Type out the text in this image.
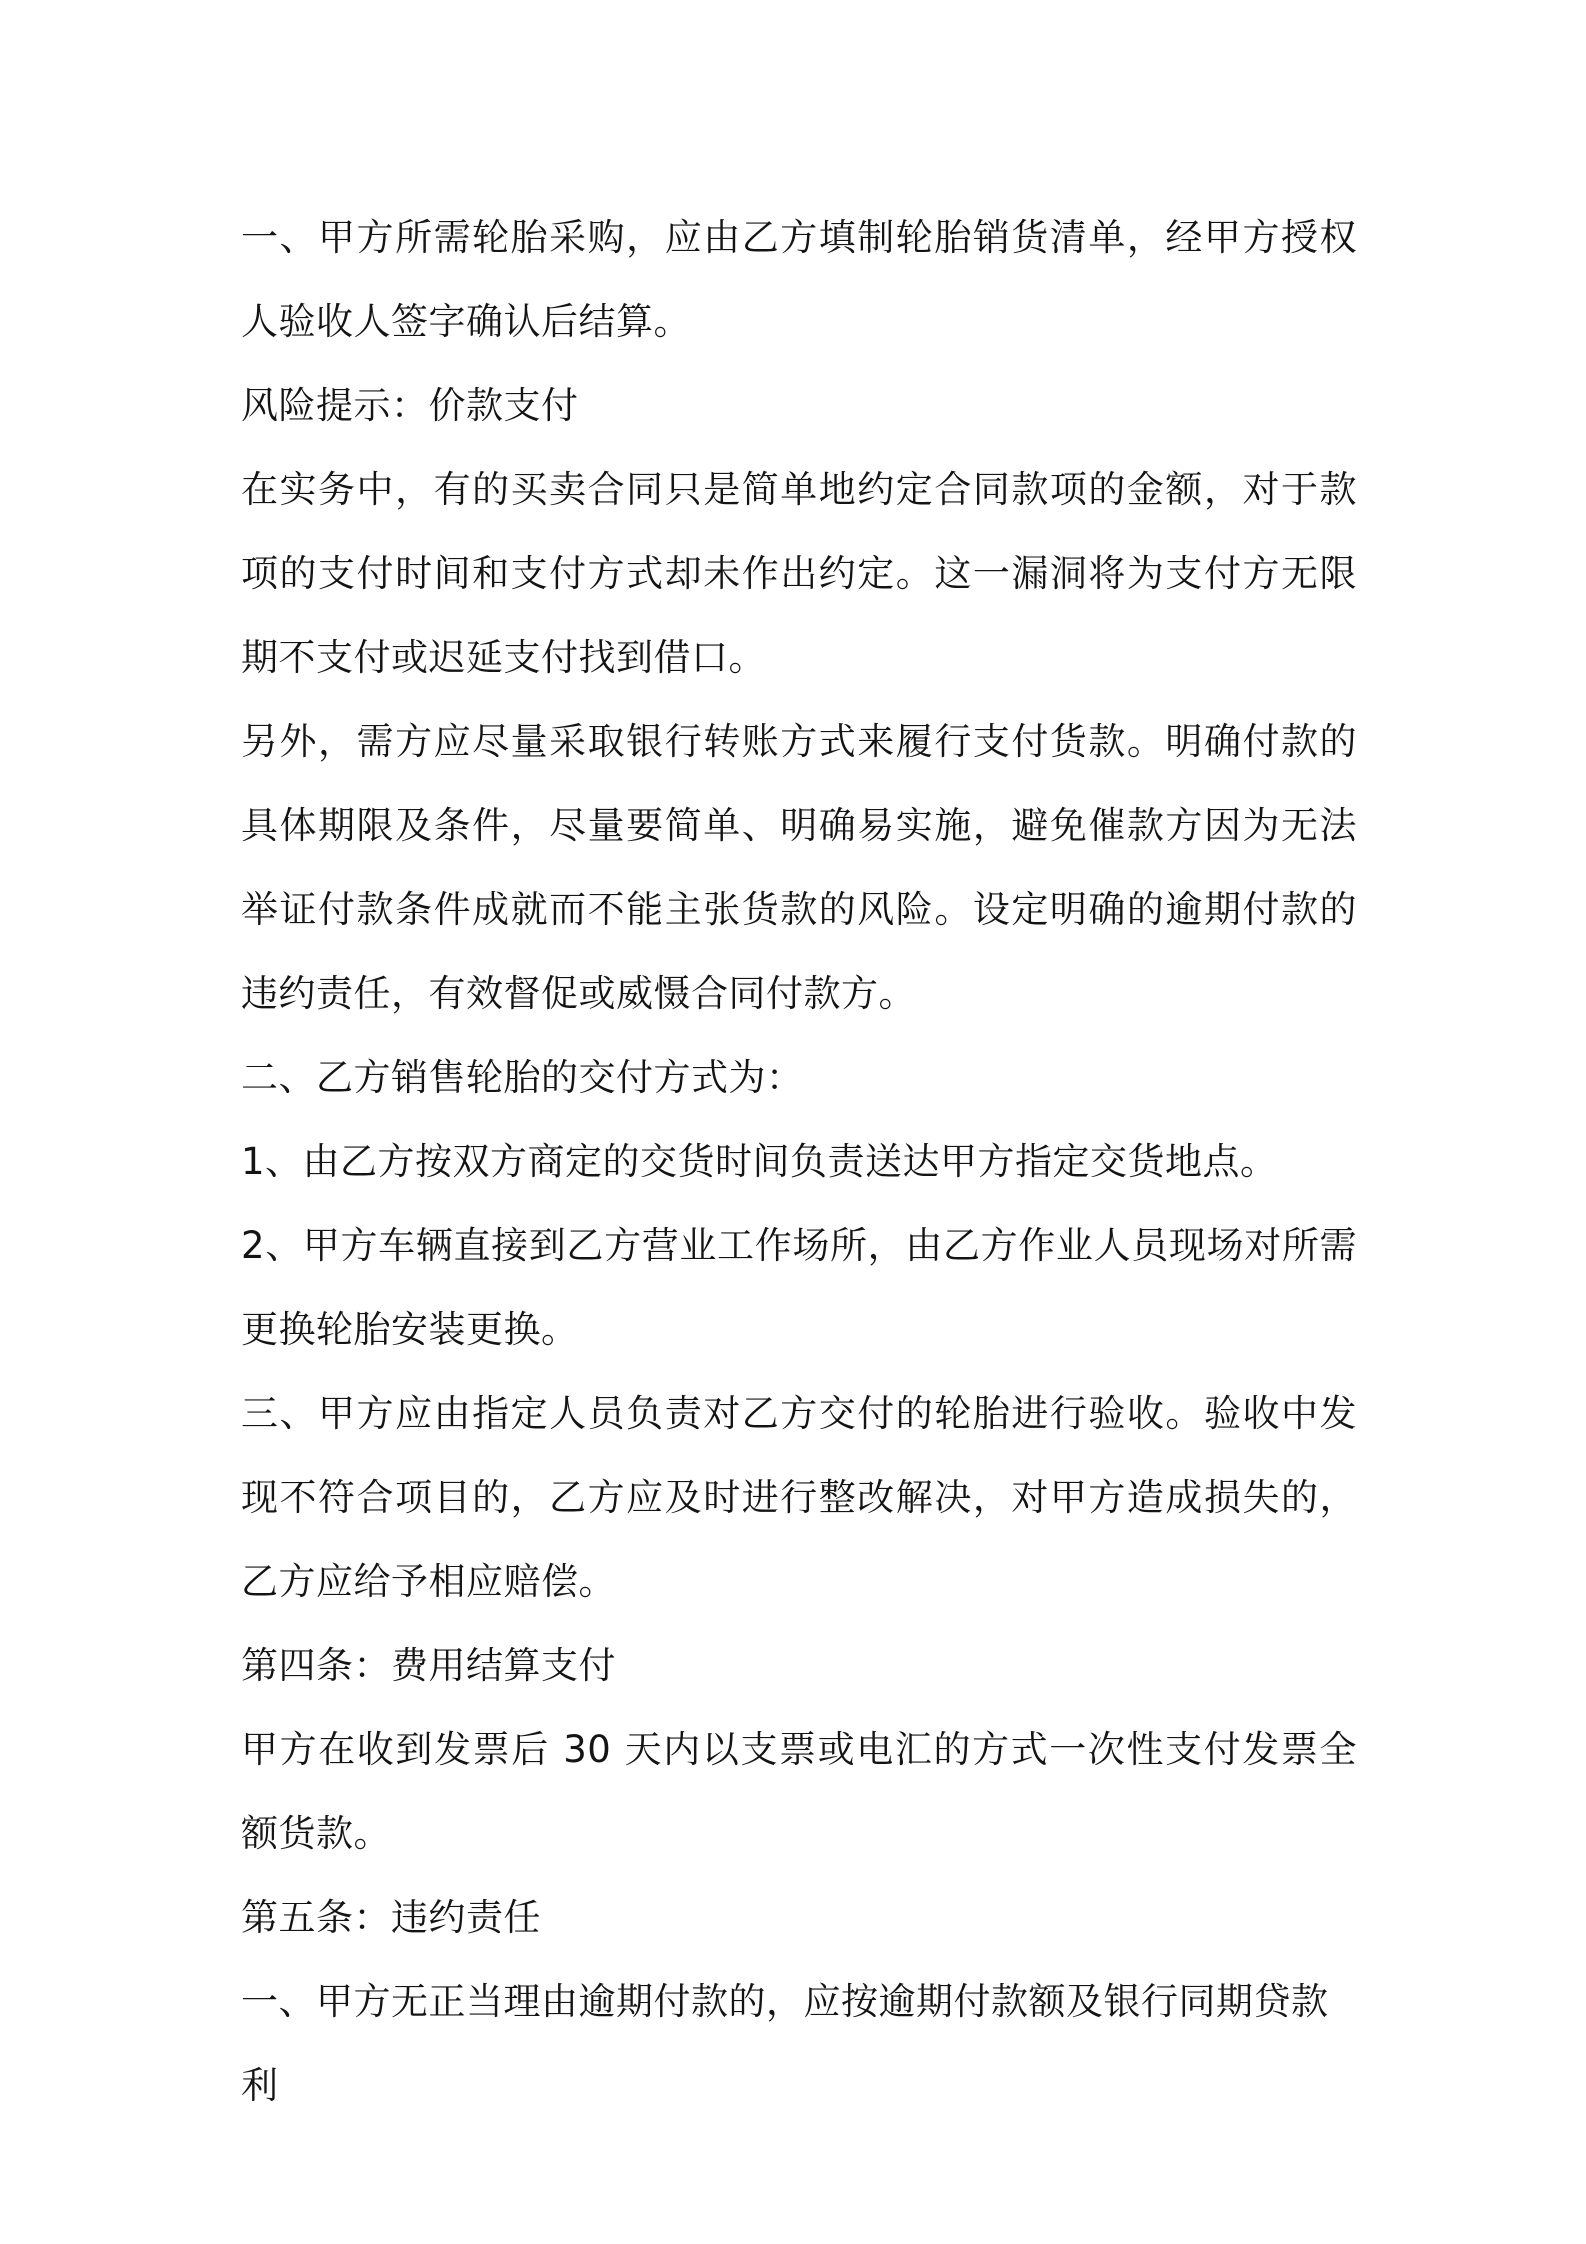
一、甲方所需轮胎采购，应由乙方填制轮胎销货清单，经甲方授权人验收人签字确认后结算。

风险提示：价款支付

在实务中，有的买卖合同只是简单地约定合同款项的金额，对于款项的支付时间和支付方式却未作出约定。这一漏洞将为支付方无限期不支付或迟延支付找到借口。

另外，需方应尽量采取银行转账方式来履行支付货款。明确付款的具体期限及条件，尽量要简单、明确易实施，避免催款方因为无法举证付款条件成就而不能主张货款的风险。设定明确的逾期付款的违约责任，有效督促或威慑合同付款方。

二、乙方销售轮胎的交付方式为：

1、由乙方按双方商定的交货时间负责送达甲方指定交货地点。

2、甲方车辆直接到乙方营业工作场所，由乙方作业人员现场对所需更换轮胎安装更换。

三、甲方应由指定人员负责对乙方交付的轮胎进行验收。验收中发现不符合项目的，乙方应及时进行整改解决，对甲方造成损失的，乙方应给予相应赔偿。

第四条：费用结算支付

甲方在收到发票后 30 天内以支票或电汇的方式一次性支付发票全额货款。

第五条：违约责任

一、甲方无正当理由逾期付款的，应按逾期付款额及银行同期贷款利
